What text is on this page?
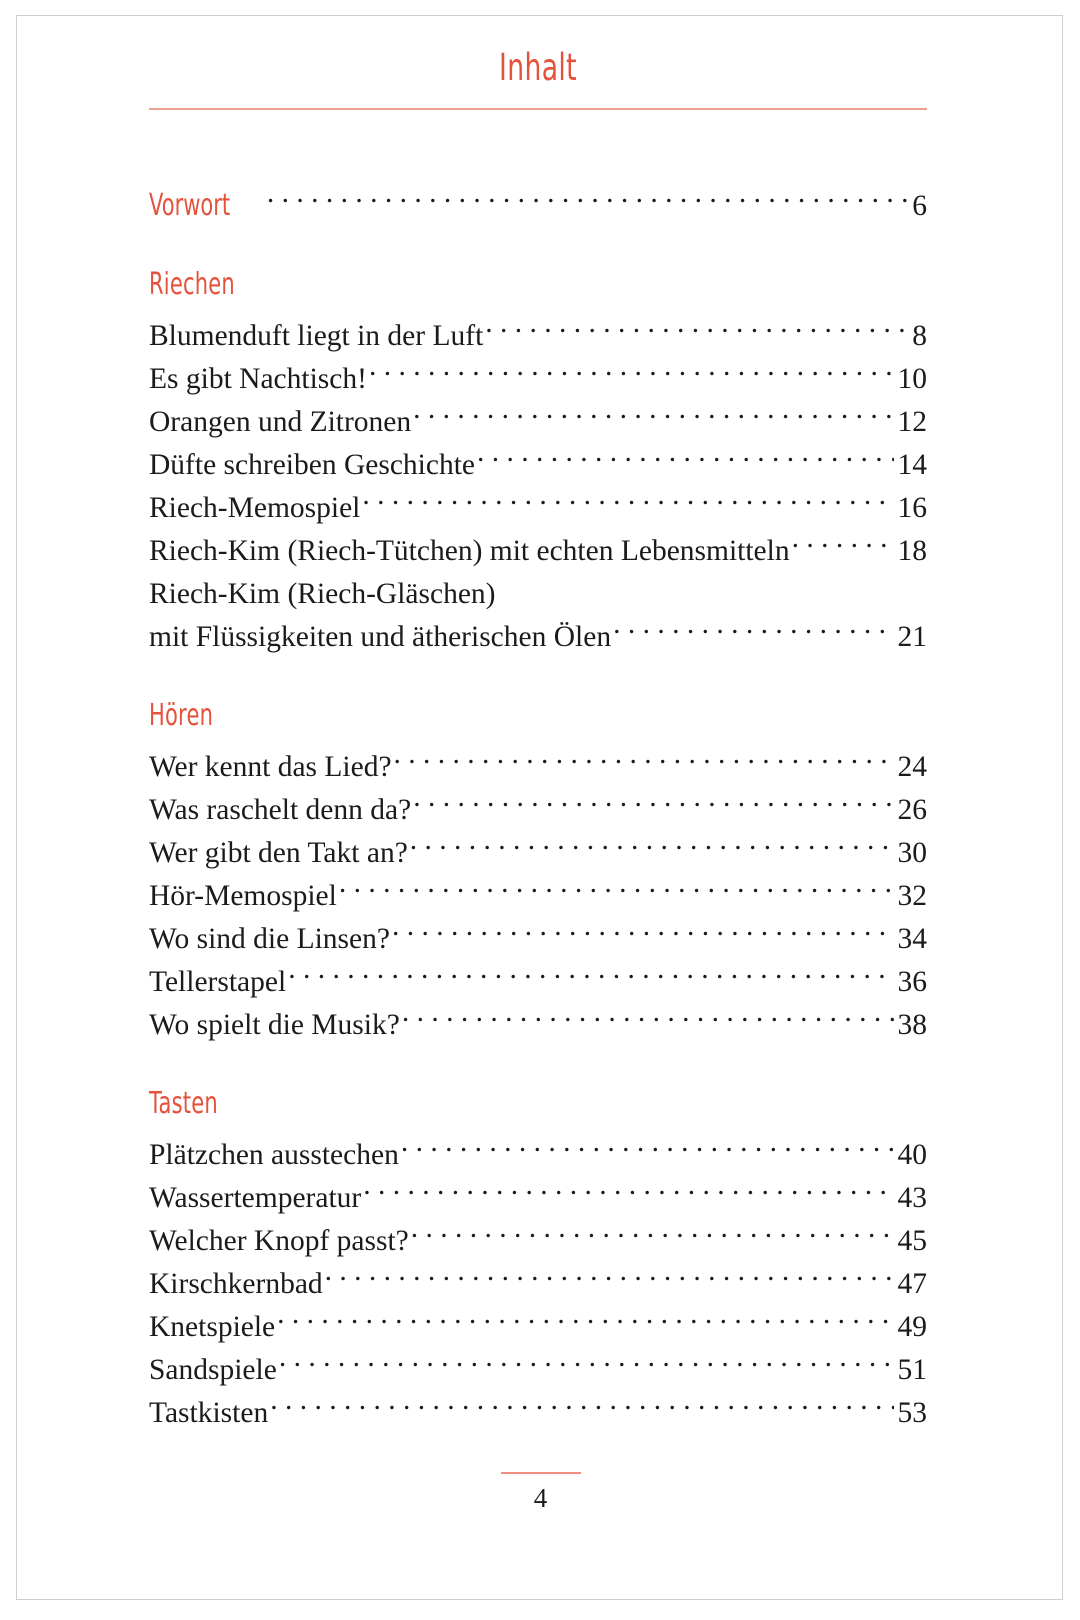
Inhalt
Vorwort . . .	6
Riechen
Blumenduft liegt in der Luft . . .	8
Es gibt Nachtisch! . . .	10
Orangen und Zitronen . . .	12
Düfte schreiben Geschichte . . .	14
Riech-Memospiel . . .	16
Riech-Kim (Riech-Tütchen) mit echten Lebensmitteln . . .	18
Riech-Kim (Riech-Gläschen)
mit Flüssigkeiten und ätherischen Ölen . . .	21
Hören
Wer kennt das Lied? . . .	24
Was raschelt denn da? . . .	26
Wer gibt den Takt an? . . .	30
Hör-Memospiel . . .	32
Wo sind die Linsen? . . .	34
Tellerstapel . . .	36
Wo spielt die Musik? . . .	38
Tasten
Plätzchen ausstechen . . .	40
Wassertemperatur . . .	43
Welcher Knopf passt? . . .	45
Kirschkernbad . . .	47
Knetspiele . . .	49
Sandspiele . . .	51
Tastkisten . . .	53
4
